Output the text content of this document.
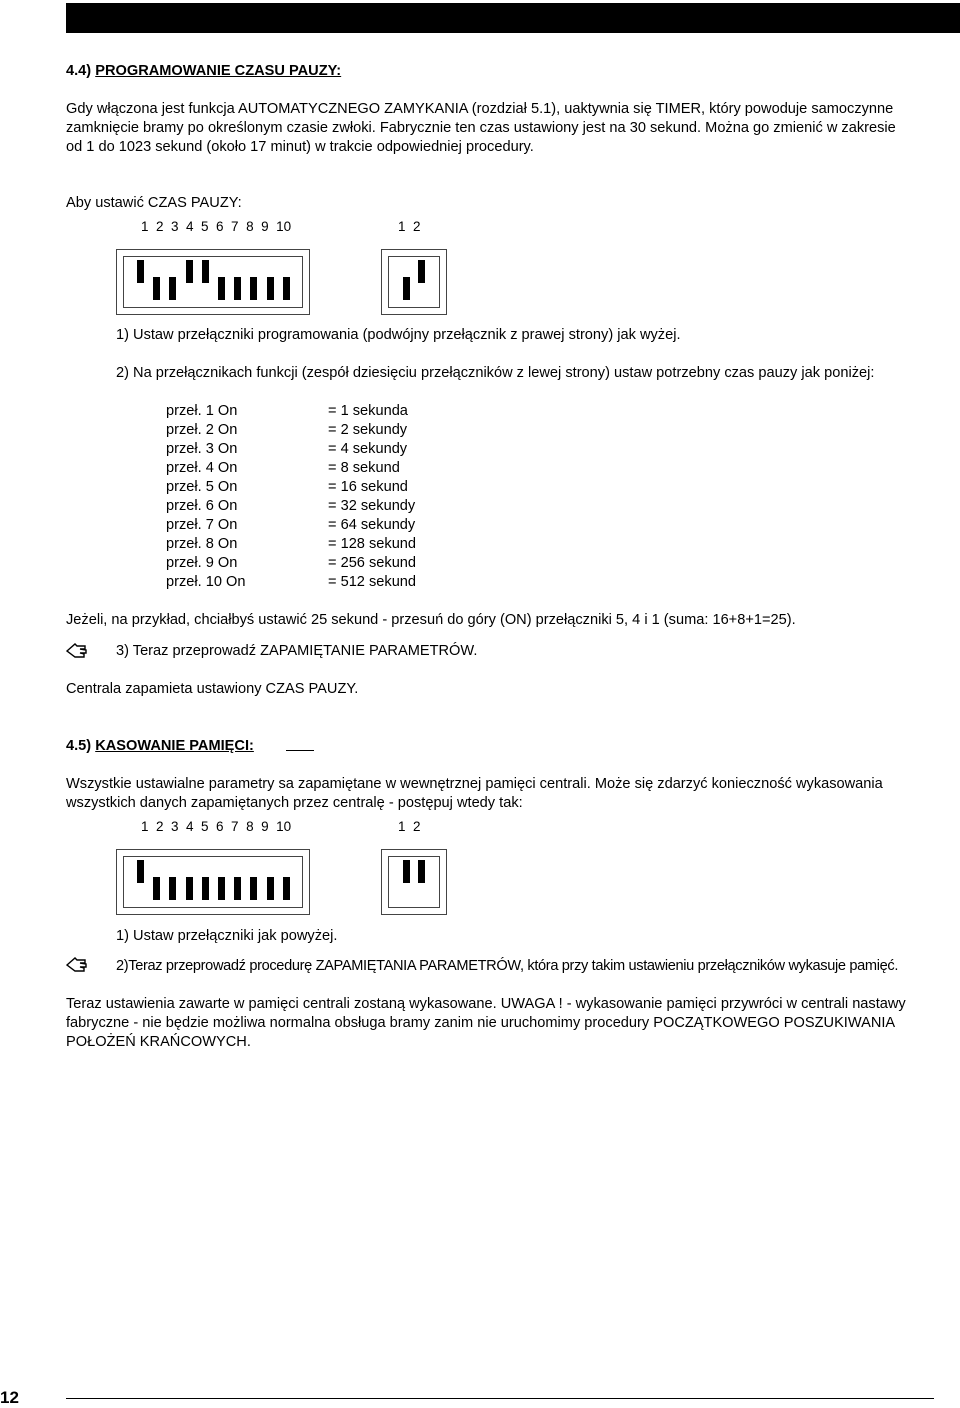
4.4) PROGRAMOWANIE CZASU PAUZY:
Gdy włączona jest funkcja AUTOMATYCZNEGO ZAMYKANIA (rozdział 5.1), uaktywnia się TIMER, który powoduje samoczynne
zamknięcie bramy po określonym czasie zwłoki. Fabrycznie ten czas ustawiony jest na 30 sekund. Można go zmienić w zakresie
od 1 do 1023 sekund (około 17 minut) w trakcie odpowiedniej procedury.
Aby ustawić CZAS PAUZY:
1  2  3  4  5  6  7  8  9  10	1  2
1) Ustaw przełączniki programowania (podwójny przełącznik z prawej strony) jak wyżej.
2) Na przełącznikach funkcji (zespół dziesięciu przełączników z lewej strony) ustaw potrzebny czas pauzy jak poniżej:
przeł. 1 On	= 1 sekunda
przeł. 2 On	= 2 sekundy
przeł. 3 On	= 4 sekundy
przeł. 4 On	= 8 sekund
przeł. 5 On	= 16 sekund
przeł. 6 On	= 32 sekundy
przeł. 7 On	= 64 sekundy
przeł. 8 On	= 128 sekund
przeł. 9 On	= 256 sekund
przeł. 10 On	= 512 sekund
Jeżeli, na przykład, chciałbyś ustawić 25 sekund - przesuń do góry (ON) przełączniki 5, 4 i 1 (suma: 16+8+1=25).
3) Teraz przeprowadź ZAPAMIĘTANIE PARAMETRÓW.
Centrala zapamieta ustawiony CZAS PAUZY.
4.5) KASOWANIE PAMIĘCI:
Wszystkie ustawialne parametry sa zapamiętane w wewnętrznej pamięci centrali. Może się zdarzyć konieczność wykasowania
wszystkich danych zapamiętanych przez centralę - postępuj wtedy tak:
1  2  3  4  5  6  7  8  9  10	1  2
1) Ustaw przełączniki jak powyżej.
2)Teraz przeprowadź procedurę ZAPAMIĘTANIA PARAMETRÓW, która przy takim ustawieniu przełączników wykasuje pamięć.
Teraz ustawienia zawarte w pamięci centrali zostaną wykasowane. UWAGA ! - wykasowanie pamięci przywróci w centrali nastawy
fabryczne - nie będzie możliwa normalna obsługa bramy zanim nie uruchomimy procedury POCZĄTKOWEGO POSZUKIWANIA
POŁOŻEŃ KRAŃCOWYCH.
12
